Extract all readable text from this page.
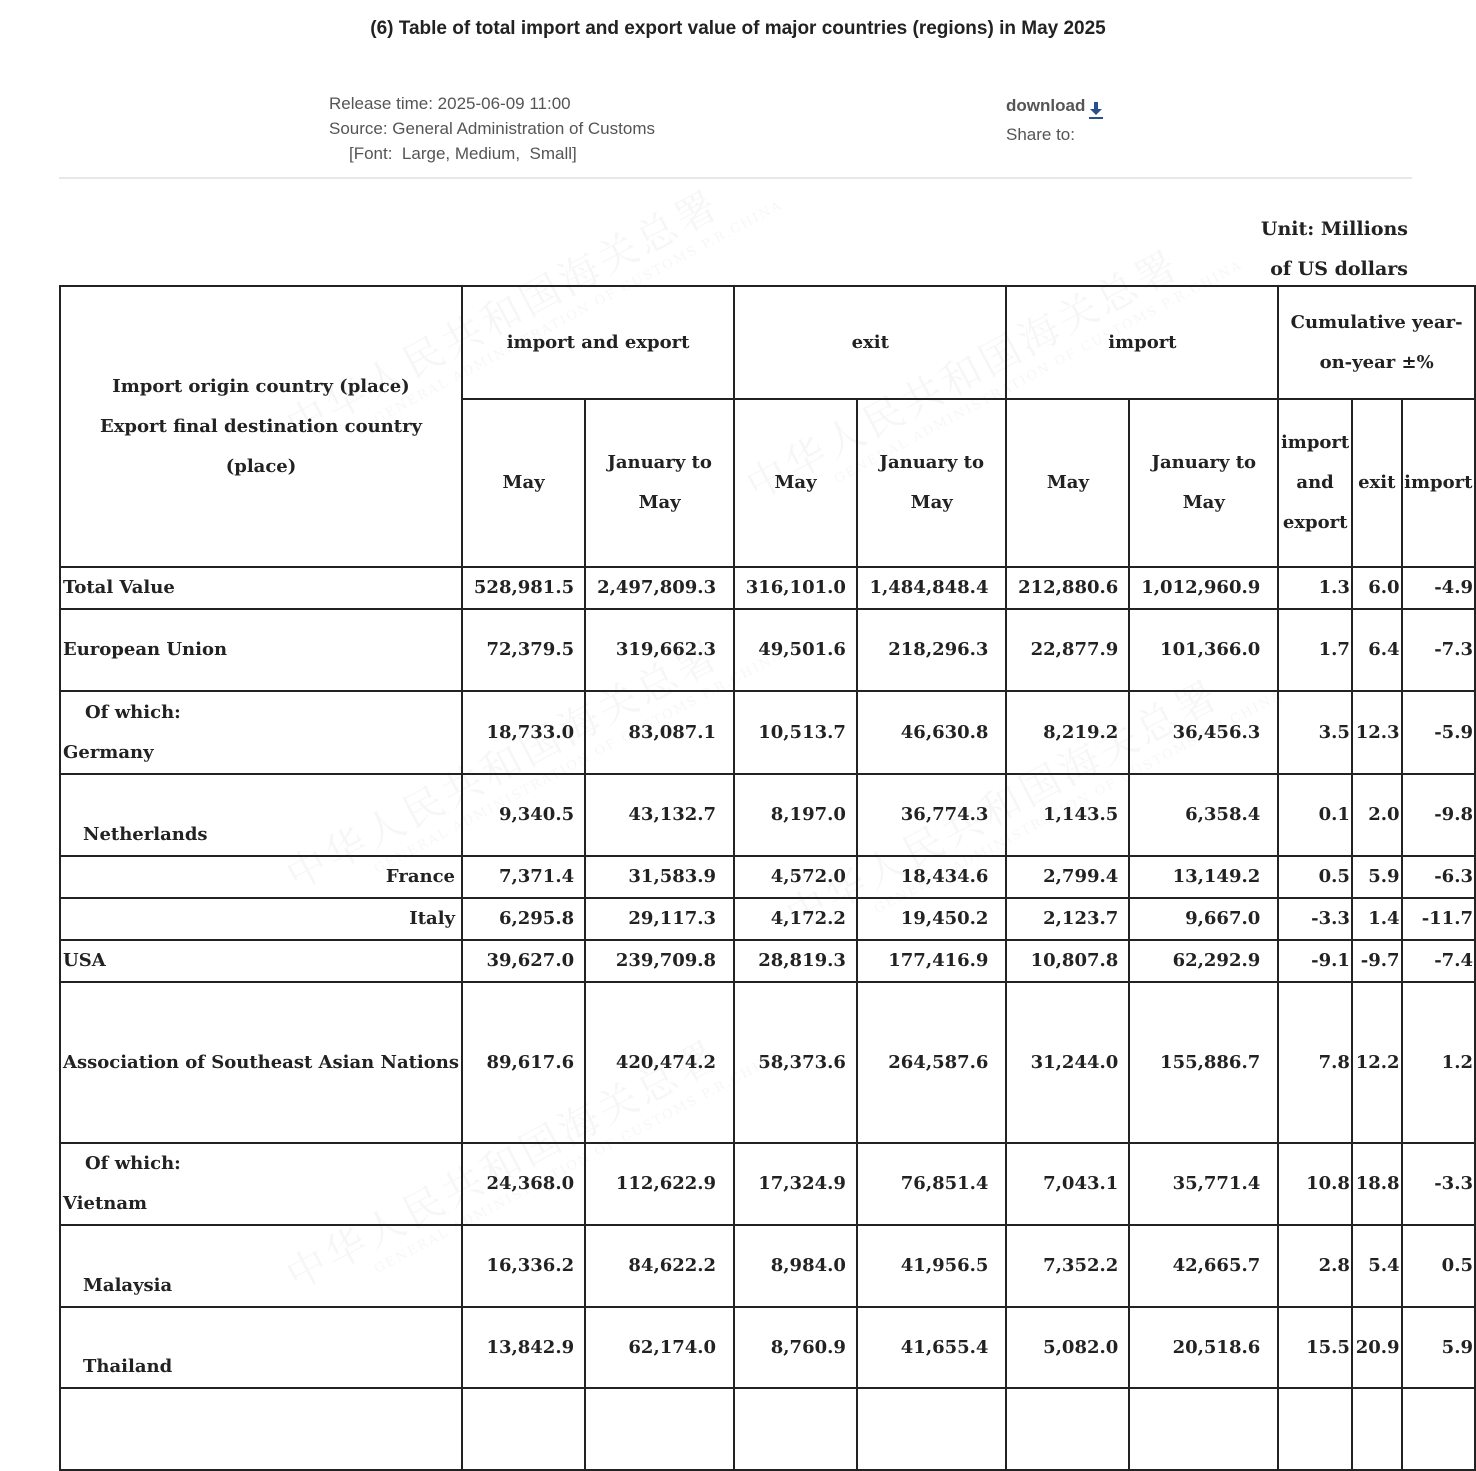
(6) Table of total import and export value of major countries (regions) in May 2025
Release time: 2025-06-09 11:00
Source: General Administration of Customs
[Font: Large, Medium, Small]
download
Share to:
Unit: Millions
of US dollars
Import origin country (place)
Export final destination country (place)	import and export		exit		import		Cumulative year-on-year ±%		
	May	January to May	May	January to May	May	January to May	import and export	exit	import
Total Value	528,981.5	2,497,809.3	316,101.0	1,484,848.4	212,880.6	1,012,960.9	1.3	6.0	-4.9
European Union	72,379.5	319,662.3	49,501.6	218,296.3	22,877.9	101,366.0	1.7	6.4	-7.3

Of which:
Germany	18,733.0	83,087.1	10,513.7	46,630.8	8,219.2	36,456.3	3.5	12.3	-5.9
Netherlands	9,340.5	43,132.7	8,197.0	36,774.3	1,143.5	6,358.4	0.1	2.0	-9.8
France	7,371.4	31,583.9	4,572.0	18,434.6	2,799.4	13,149.2	0.5	5.9	-6.3
Italy	6,295.8	29,117.3	4,172.2	19,450.2	2,123.7	9,667.0	-3.3	1.4	-11.7
USA	39,627.0	239,709.8	28,819.3	177,416.9	10,807.8	62,292.9	-9.1	-9.7	-7.4
Association of Southeast Asian Nations	89,617.6	420,474.2	58,373.6	264,587.6	31,244.0	155,886.7	7.8	12.2	1.2

Of which:
Vietnam	24,368.0	112,622.9	17,324.9	76,851.4	7,043.1	35,771.4	10.8	18.8	-3.3
Malaysia	16,336.2	84,622.2	8,984.0	41,956.5	7,352.2	42,665.7	2.8	5.4	0.5
Thailand	13,842.9	62,174.0	8,760.9	41,655.4	5,082.0	20,518.6	15.5	20.9	5.9
